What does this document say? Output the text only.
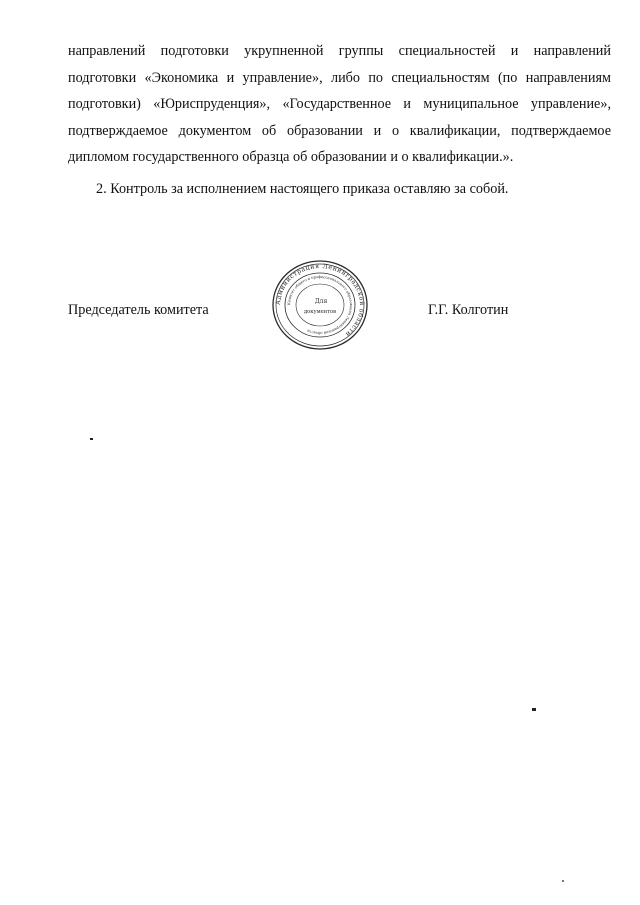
направлений подготовки укрупненной группы специальностей и направлений
подготовки «Экономика и управление», либо по специальностям (по направлениям
подготовки) «Юриспруденция», «Государственное и муниципальное управление»,
подтверждаемое документом об образовании и о квалификации, подтверждаемое
дипломом государственного образца об образовании и о квалификации.».

2. Контроль за исполнением настоящего приказа оставляю за собой.

Председатель комитета	Администрация Ленинградской области
Комитет общего и профессионального образования Ленинградской области
Для
документов	Г.Г. Колготин
